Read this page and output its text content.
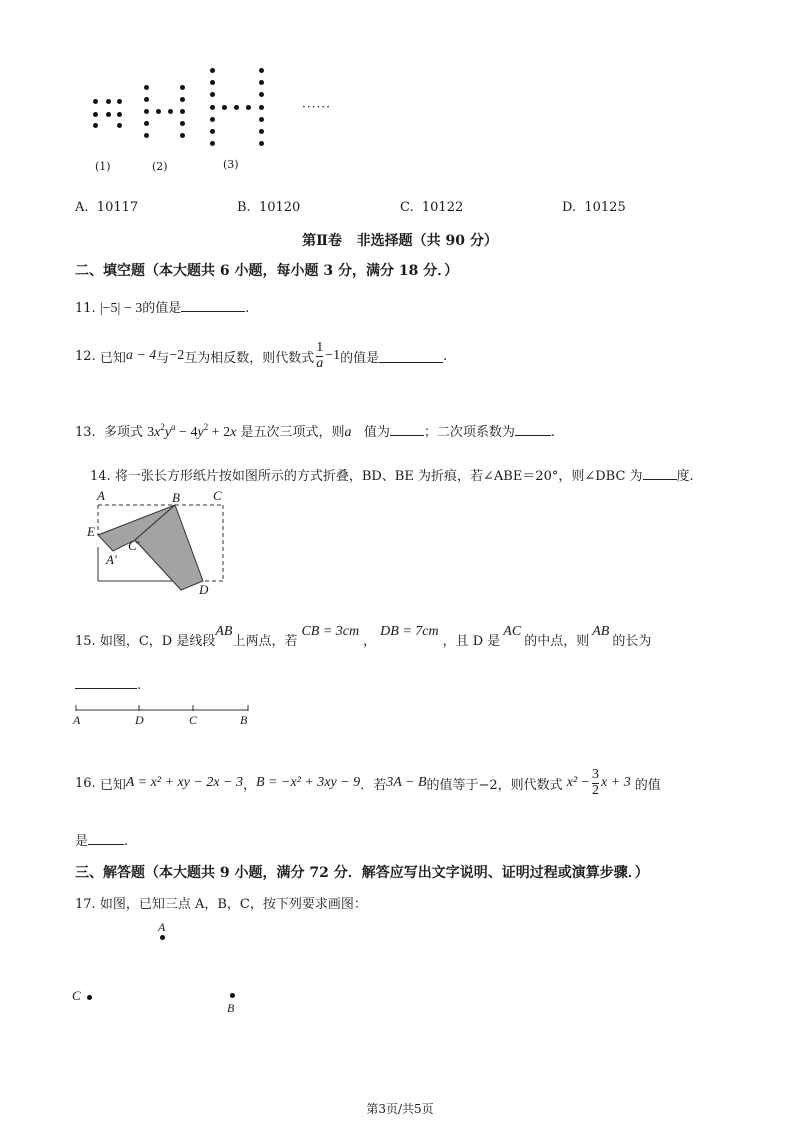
······
(1)	(2)	(3)
A. 10117	B. 10120	C. 10122	D. 10125
第Ⅱ卷   非选择题（共 90 分）
二、填空题（本大题共 6 小题，每小题 3 分，满分 18 分．）
11. |−5| − 3的值是	.
12.
已知 a − 4 与 −2 互为相反数，则代数式 $\frac{1}{a} -1$ 的值是	.
13. 多项式 $3x^2y^a - 4y^2 + 2x$ 是五次三项式，则a 值为	；二次项系数为	.
14. 将一张长方形纸片按如图所示的方式折叠，BD、BE 为折痕，若∠ABE＝20°，则∠DBC 为	度.
A	B	C
E
C′
A′
D
15. 如图，C，D 是线段AB上两点，若CB = 3cm，DB = 7cm，且 D 是AC的中点，则AB的长为
.
A	D	C	B
16.
已知 A = x² + xy − 2x − 3 ， B = −x² + 3xy − 9 ．若 3A − B 的值等于−2，则代数式 $x^2 - \frac{3}{2}$ x + 3 的值
是	.
三、解答题（本大题共 9 小题，满分 72 分．解答应写出文字说明、证明过程或演算步骤．）
17. 如图，已知三点 A，B，C，按下列要求画图：
A
C
B
第3页/共5页
